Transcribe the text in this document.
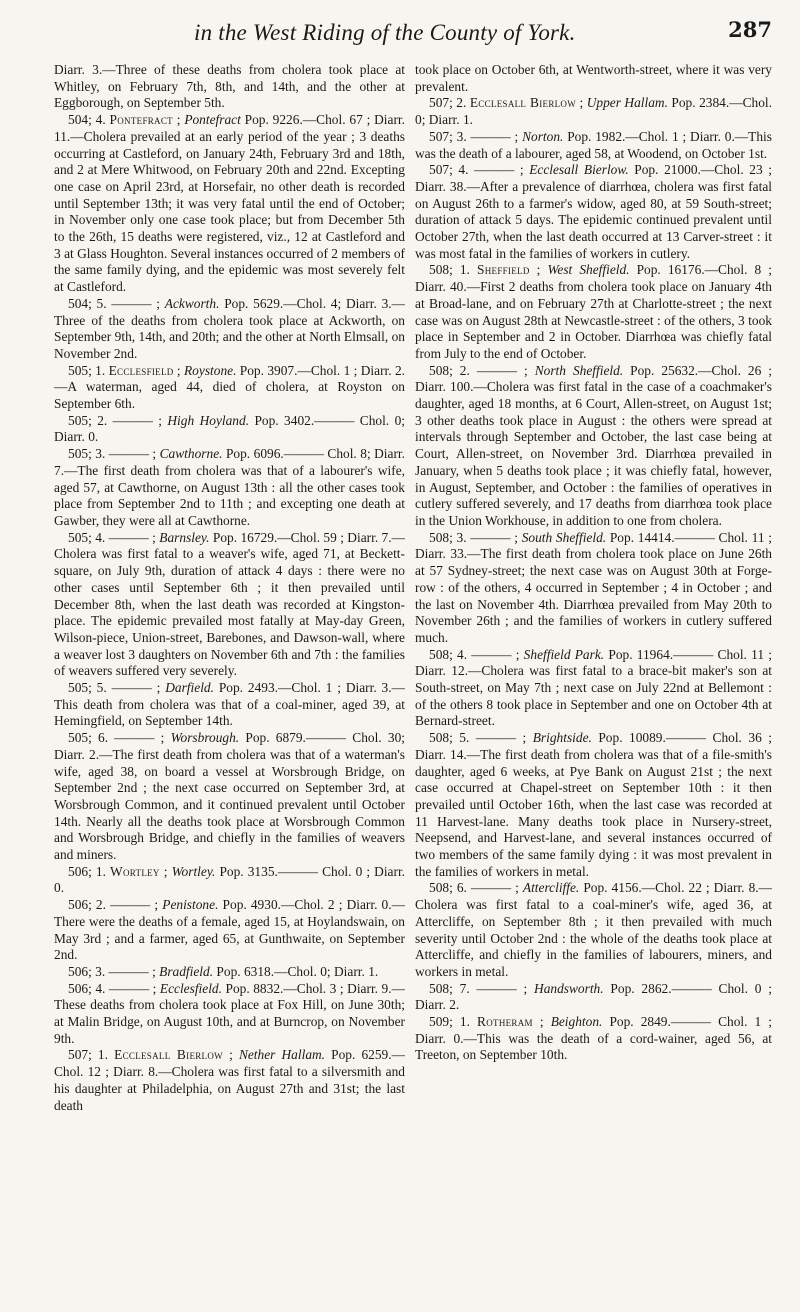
in the West Riding of the County of York.	287

Diarr. 3.—Three of these deaths from cholera took place at Whitley, on February 7th, 8th, and 14th, and the other at Eggborough, on September 5th.

504; 4. Pontefract ; Pontefract Pop. 9226.—Chol. 67 ; Diarr. 11.—Cholera prevailed at an early period of the year ; 3 deaths occurring at Castleford, on January 24th, February 3rd and 18th, and 2 at Mere Whitwood, on February 20th and 22nd. Excepting one case on April 23rd, at Horsefair, no other death is recorded until September 13th; it was very fatal until the end of October; in November only one case took place; but from December 5th to the 26th, 15 deaths were registered, viz., 12 at Castleford and 3 at Glass Houghton. Several instances occurred of 2 members of the same family dying, and the epidemic was most severely felt at Castleford.

504; 5. ——— ; Ackworth. Pop. 5629.—Chol. 4; Diarr. 3.—Three of the deaths from cholera took place at Ackworth, on September 9th, 14th, and 20th; and the other at North Elmsall, on November 2nd.

505; 1. Ecclesfield ; Roystone. Pop. 3907.—Chol. 1 ; Diarr. 2.—A waterman, aged 44, died of cholera, at Royston on September 6th.

505; 2. ——— ; High Hoyland. Pop. 3402.——— Chol. 0; Diarr. 0.

505; 3. ——— ; Cawthorne. Pop. 6096.——— Chol. 8; Diarr. 7.—The first death from cholera was that of a labourer's wife, aged 57, at Cawthorne, on August 13th : all the other cases took place from September 2nd to 11th ; and excepting one death at Gawber, they were all at Cawthorne.

505; 4. ——— ; Barnsley. Pop. 16729.—Chol. 59 ; Diarr. 7.—Cholera was first fatal to a weaver's wife, aged 71, at Beckett-square, on July 9th, duration of attack 4 days : there were no other cases until September 6th ; it then prevailed until December 8th, when the last death was recorded at Kingston-place. The epidemic prevailed most fatally at May-day Green, Wilson-piece, Union-street, Barebones, and Dawson-wall, where a weaver lost 3 daughters on November 6th and 7th : the families of weavers suffered very severely.

505; 5. ——— ; Darfield. Pop. 2493.—Chol. 1 ; Diarr. 3.—This death from cholera was that of a coal-miner, aged 39, at Hemingfield, on September 14th.

505; 6. ——— ; Worsbrough. Pop. 6879.——— Chol. 30; Diarr. 2.—The first death from cholera was that of a waterman's wife, aged 38, on board a vessel at Worsbrough Bridge, on September 2nd ; the next case occurred on September 3rd, at Worsbrough Common, and it continued prevalent until October 14th. Nearly all the deaths took place at Worsbrough Common and Worsbrough Bridge, and chiefly in the families of weavers and miners.

506; 1. Wortley ; Wortley. Pop. 3135.——— Chol. 0 ; Diarr. 0.

506; 2. ——— ; Penistone. Pop. 4930.—Chol. 2 ; Diarr. 0.—There were the deaths of a female, aged 15, at Hoylandswain, on May 3rd ; and a farmer, aged 65, at Gunthwaite, on September 2nd.

506; 3. ——— ; Bradfield. Pop. 6318.—Chol. 0; Diarr. 1.

506; 4. ——— ; Ecclesfield. Pop. 8832.—Chol. 3 ; Diarr. 9.—These deaths from cholera took place at Fox Hill, on June 30th; at Malin Bridge, on August 10th, and at Burncrop, on November 9th.

507; 1. Ecclesall Bierlow ; Nether Hallam. Pop. 6259.—Chol. 12 ; Diarr. 8.—Cholera was first fatal to a silversmith and his daughter at Philadelphia, on August 27th and 31st; the last death

took place on October 6th, at Wentworth-street, where it was very prevalent.

507; 2. Ecclesall Bierlow ; Upper Hallam. Pop. 2384.—Chol. 0; Diarr. 1.

507; 3. ——— ; Norton. Pop. 1982.—Chol. 1 ; Diarr. 0.—This was the death of a labourer, aged 58, at Woodend, on October 1st.

507; 4. ——— ; Ecclesall Bierlow. Pop. 21000.—Chol. 23 ; Diarr. 38.—After a prevalence of diarrhœa, cholera was first fatal on August 26th to a farmer's widow, aged 80, at 59 South-street; duration of attack 5 days. The epidemic continued prevalent until October 27th, when the last death occurred at 13 Carver-street : it was most fatal in the families of workers in cutlery.

508; 1. Sheffield ; West Sheffield. Pop. 16176.—Chol. 8 ; Diarr. 40.—First 2 deaths from cholera took place on January 4th at Broad-lane, and on February 27th at Charlotte-street ; the next case was on August 28th at Newcastle-street : of the others, 3 took place in September and 2 in October. Diarrhœa was chiefly fatal from July to the end of October.

508; 2. ——— ; North Sheffield. Pop. 25632.—Chol. 26 ; Diarr. 100.—Cholera was first fatal in the case of a coachmaker's daughter, aged 18 months, at 6 Court, Allen-street, on August 1st; 3 other deaths took place in August : the others were spread at intervals through September and October, the last case being at Court, Allen-street, on November 3rd. Diarrhœa prevailed in January, when 5 deaths took place ; it was chiefly fatal, however, in August, September, and October : the families of operatives in cutlery suffered severely, and 17 deaths from diarrhœa took place in the Union Workhouse, in addition to one from cholera.

508; 3. ——— ; South Sheffield. Pop. 14414.——— Chol. 11 ; Diarr. 33.—The first death from cholera took place on June 26th at 57 Sydney-street; the next case was on August 30th at Forge-row : of the others, 4 occurred in September ; 4 in October ; and the last on November 4th. Diarrhœa prevailed from May 20th to November 26th ; and the families of workers in cutlery suffered much.

508; 4. ——— ; Sheffield Park. Pop. 11964.——— Chol. 11 ; Diarr. 12.—Cholera was first fatal to a brace-bit maker's son at South-street, on May 7th ; next case on July 22nd at Bellemont : of the others 8 took place in September and one on October 4th at Bernard-street.

508; 5. ——— ; Brightside. Pop. 10089.——— Chol. 36 ; Diarr. 14.—The first death from cholera was that of a file-smith's daughter, aged 6 weeks, at Pye Bank on August 21st ; the next case occurred at Chapel-street on September 10th : it then prevailed until October 16th, when the last case was recorded at 11 Harvest-lane. Many deaths took place in Nursery-street, Neepsend, and Harvest-lane, and several instances occurred of two members of the same family dying : it was most prevalent in the families of workers in metal.

508; 6. ——— ; Attercliffe. Pop. 4156.—Chol. 22 ; Diarr. 8.—Cholera was first fatal to a coal-miner's wife, aged 36, at Attercliffe, on September 8th ; it then prevailed with much severity until October 2nd : the whole of the deaths took place at Attercliffe, and chiefly in the families of labourers, miners, and workers in metal.

508; 7. ——— ; Handsworth. Pop. 2862.——— Chol. 0 ; Diarr. 2.

509; 1. Rotheram ; Beighton. Pop. 2849.——— Chol. 1 ; Diarr. 0.—This was the death of a cord-wainer, aged 56, at Treeton, on September 10th.
